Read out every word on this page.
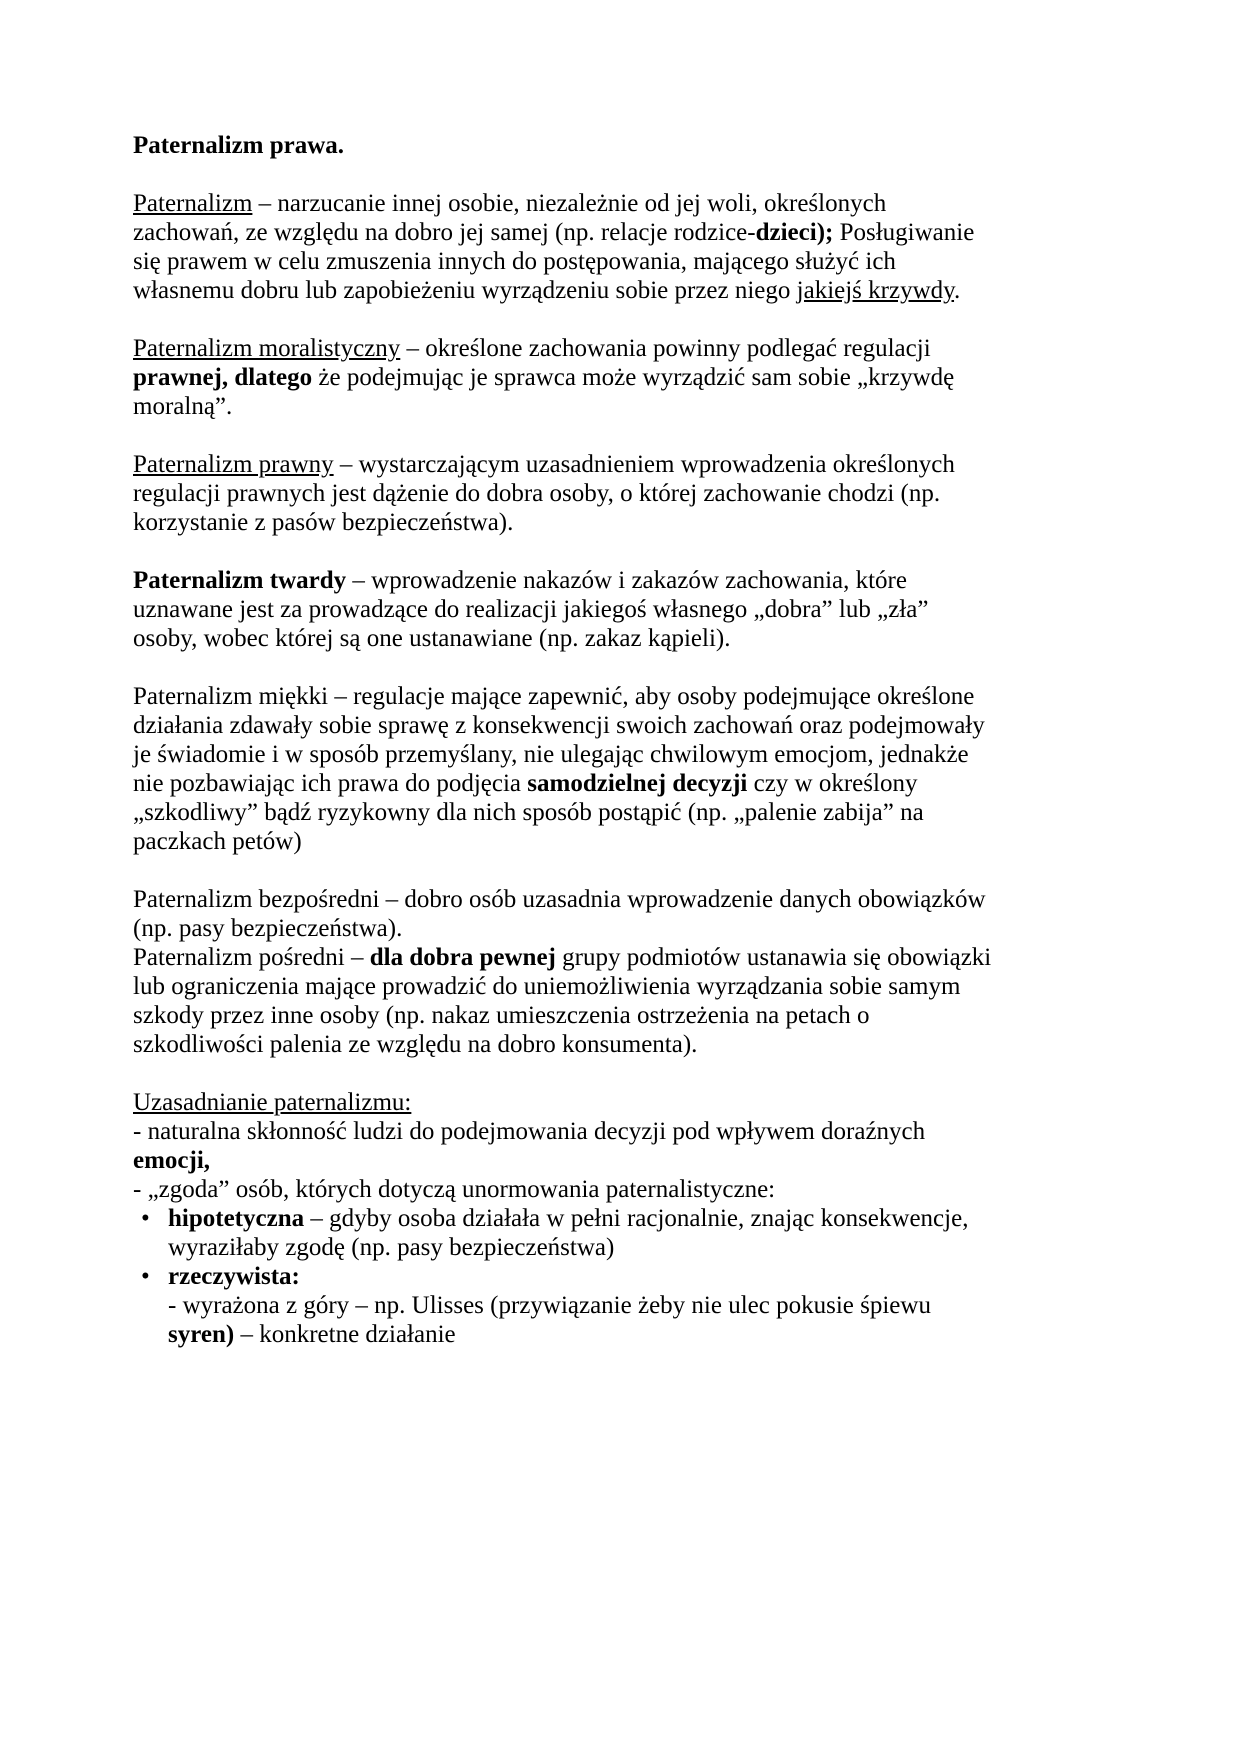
Paternalizm prawa.

Paternalizm – narzucanie innej osobie, niezależnie od jej woli, określonych zachowań, ze względu na dobro jej samej (np. relacje rodzice-dzieci); Posługiwanie się prawem w celu zmuszenia innych do postępowania, mającego służyć ich własnemu dobru lub zapobieżeniu wyrządzeniu sobie przez niego jakiejś krzywdy.

Paternalizm moralistyczny – określone zachowania powinny podlegać regulacji prawnej, dlatego że podejmując je sprawca może wyrządzić sam sobie „krzywdę moralną”.

Paternalizm prawny – wystarczającym uzasadnieniem wprowadzenia określonych regulacji prawnych jest dążenie do dobra osoby, o której zachowanie chodzi (np. korzystanie z pasów bezpieczeństwa).

Paternalizm twardy – wprowadzenie nakazów i zakazów zachowania, które uznawane jest za prowadzące do realizacji jakiegoś własnego „dobra” lub „zła” osoby, wobec której są one ustanawiane (np. zakaz kąpieli).

Paternalizm miękki – regulacje mające zapewnić, aby osoby podejmujące określone działania zdawały sobie sprawę z konsekwencji swoich zachowań oraz podejmowały je świadomie i w sposób przemyślany, nie ulegając chwilowym emocjom, jednakże nie pozbawiając ich prawa do podjęcia samodzielnej decyzji czy w określony „szkodliwy” bądź ryzykowny dla nich sposób postąpić (np. „palenie zabija” na paczkach petów)

Paternalizm bezpośredni – dobro osób uzasadnia wprowadzenie danych obowiązków (np. pasy bezpieczeństwa).

Paternalizm pośredni – dla dobra pewnej grupy podmiotów ustanawia się obowiązki lub ograniczenia mające prowadzić do uniemożliwienia wyrządzania sobie samym szkody przez inne osoby (np. nakaz umieszczenia ostrzeżenia na petach o szkodliwości palenia ze względu na dobro konsumenta).

Uzasadnianie paternalizmu:

- naturalna skłonność ludzi do podejmowania decyzji pod wpływem doraźnych emocji,

- „zgoda” osób, których dotyczą unormowania paternalistyczne:

• hipotetyczna – gdyby osoba działała w pełni racjonalnie, znając konsekwencje, wyraziłaby zgodę (np. pasy bezpieczeństwa)
• rzeczywista:
- wyrażona z góry – np. Ulisses (przywiązanie żeby nie ulec pokusie śpiewu syren) – konkretne działanie
